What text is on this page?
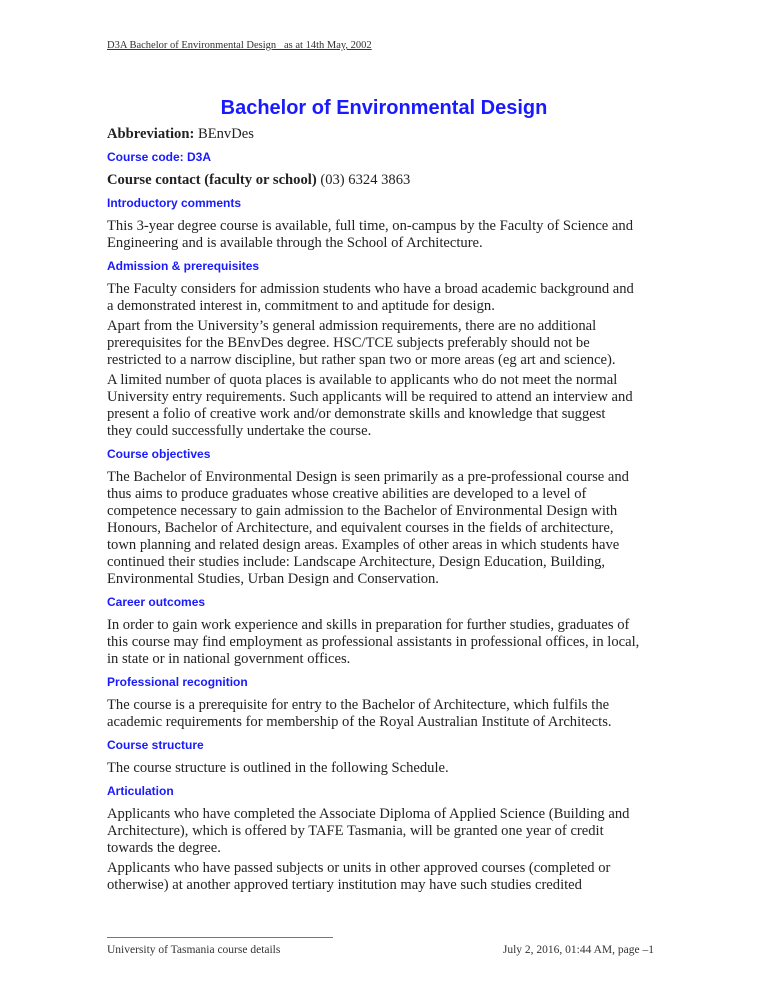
D3A Bachelor of Environmental Design   as at 14th May, 2002
Bachelor of Environmental Design
Abbreviation: BEnvDes
Course code: D3A
Course contact (faculty or school) (03) 6324 3863
Introductory comments
This 3-year degree course is available, full time, on-campus by the Faculty of Science and
Engineering and is available through the School of Architecture.
Admission & prerequisites
The Faculty considers for admission students who have a broad academic background and
a demonstrated interest in, commitment to and aptitude for design.
Apart from the University’s general admission requirements, there are no additional
prerequisites for the BEnvDes degree. HSC/TCE subjects preferably should not be
restricted to a narrow discipline, but rather span two or more areas (eg art and science).
A limited number of quota places is available to applicants who do not meet the normal
University entry requirements. Such applicants will be required to attend an interview and
present a folio of creative work and/or demonstrate skills and knowledge that suggest
they could successfully undertake the course.
Course objectives
The Bachelor of Environmental Design is seen primarily as a pre-professional course and
thus aims to produce graduates whose creative abilities are developed to a level of
competence necessary to gain admission to the Bachelor of Environmental Design with
Honours, Bachelor of Architecture, and equivalent courses in the fields of architecture,
town planning and related design areas. Examples of other areas in which students have
continued their studies include: Landscape Architecture, Design Education, Building,
Environmental Studies, Urban Design and Conservation.
Career outcomes
In order to gain work experience and skills in preparation for further studies, graduates of
this course may find employment as professional assistants in professional offices, in local,
in state or in national government offices.
Professional recognition
The course is a prerequisite for entry to the Bachelor of Architecture, which fulfils the
academic requirements for membership of the Royal Australian Institute of Architects.
Course structure
The course structure is outlined in the following Schedule.
Articulation
Applicants who have completed the Associate Diploma of Applied Science (Building and
Architecture), which is offered by TAFE Tasmania, will be granted one year of credit
towards the degree.
Applicants who have passed subjects or units in other approved courses (completed or
otherwise) at another approved tertiary institution may have such studies credited
University of Tasmania course details	July 2, 2016, 01:44 AM, page –1
